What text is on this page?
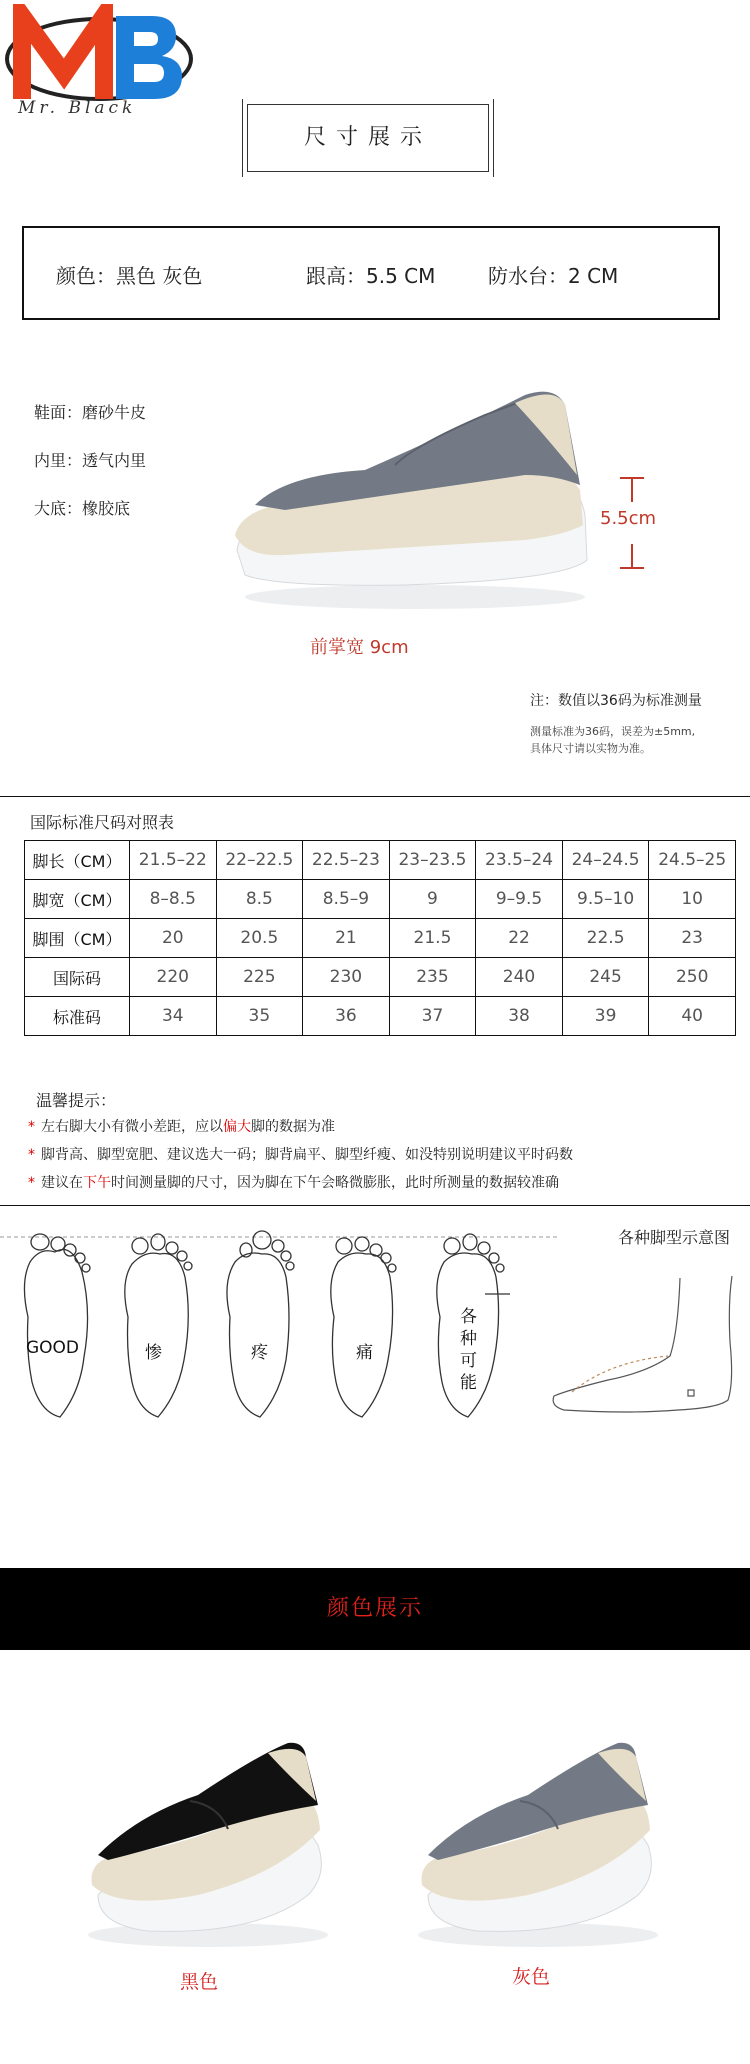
Mr. Black
尺寸展示
颜色：黑色 灰色	跟高：5.5 CM	防水台：2 CM
鞋面：磨砂牛皮
内里：透气内里
大底：橡胶底	5.5cm
前掌宽 9cm
注：数值以36码为标准测量
测量标准为36码，误差为±5mm,
具体尺寸请以实物为准。
国际标准尺码对照表
脚长（CM）	21.5–22	22–22.5	22.5–23	23–23.5	23.5–24	24–24.5	24.5–25
脚宽（CM）	8–8.5	8.5	8.5–9	9	9–9.5	9.5–10	10
脚围（CM）	20	20.5	21	21.5	22	22.5	23
国际码	220	225	230	235	240	245	250
标准码	34	35	36	37	38	39	40
温馨提示：
* 左右脚大小有微小差距，应以偏大脚的数据为准
* 脚背高、脚型宽肥、建议选大一码；脚背扁平、脚型纤瘦、如没特别说明建议平时码数
* 建议在下午时间测量脚的尺寸，因为脚在下午会略微膨胀，此时所测量的数据较准确
GOOD	惨	疼	痛
各种可能
各种脚型示意图
颜色展示
黑色	灰色
